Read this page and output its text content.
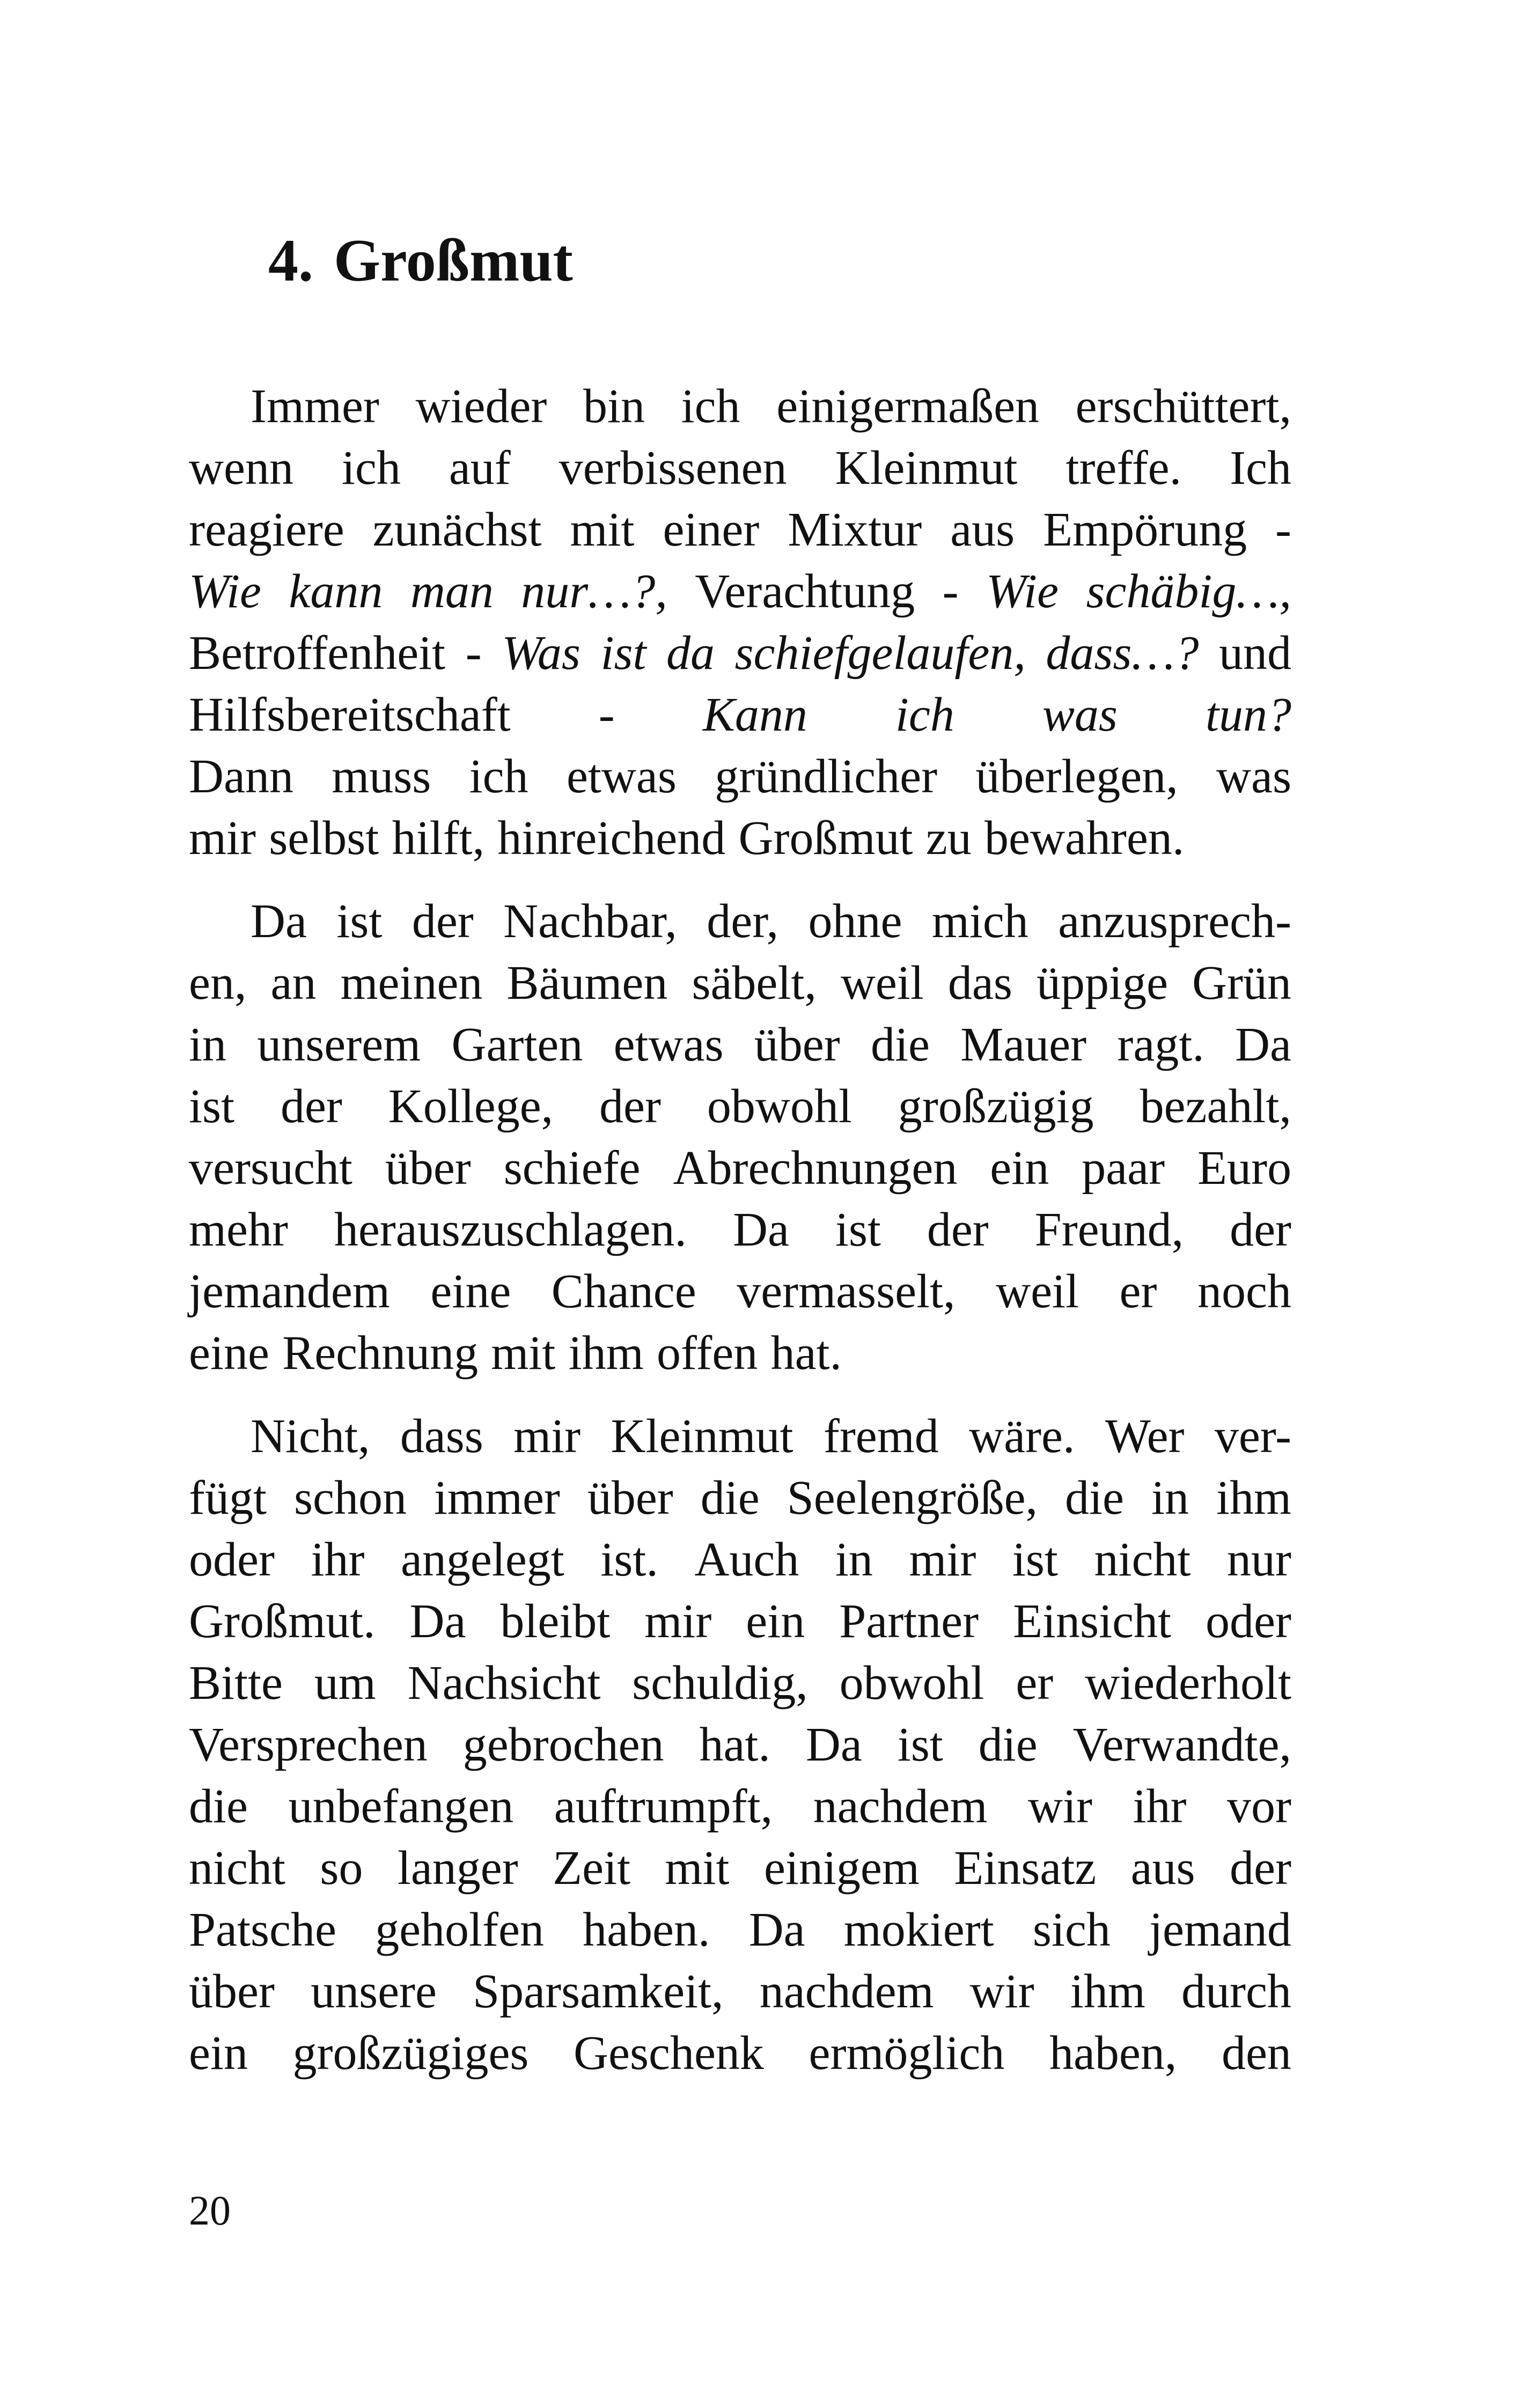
4. Großmut
Immer wieder bin ich einigermaßen erschüttert,
wenn ich auf verbissenen Kleinmut treffe. Ich
reagiere zunächst mit einer Mixtur aus Empörung -
Wie kann man nur…?, Verachtung - Wie schäbig…,
Betroffenheit - Was ist da schiefgelaufen, dass…? und
Hilfsbereitschaft - Kann ich was tun?
Dann muss ich etwas gründlicher überlegen, was
mir selbst hilft, hinreichend Großmut zu bewahren.
Da ist der Nachbar, der, ohne mich anzusprech-
en, an meinen Bäumen säbelt, weil das üppige Grün
in unserem Garten etwas über die Mauer ragt. Da
ist der Kollege, der obwohl großzügig bezahlt,
versucht über schiefe Abrechnungen ein paar Euro
mehr herauszuschlagen. Da ist der Freund, der
jemandem eine Chance vermasselt, weil er noch
eine Rechnung mit ihm offen hat.
Nicht, dass mir Kleinmut fremd wäre. Wer ver-
fügt schon immer über die Seelengröße, die in ihm
oder ihr angelegt ist. Auch in mir ist nicht nur
Großmut. Da bleibt mir ein Partner Einsicht oder
Bitte um Nachsicht schuldig, obwohl er wiederholt
Versprechen gebrochen hat. Da ist die Verwandte,
die unbefangen auftrumpft, nachdem wir ihr vor
nicht so langer Zeit mit einigem Einsatz aus der
Patsche geholfen haben. Da mokiert sich jemand
über unsere Sparsamkeit, nachdem wir ihm durch
ein großzügiges Geschenk ermöglich haben, den

20
